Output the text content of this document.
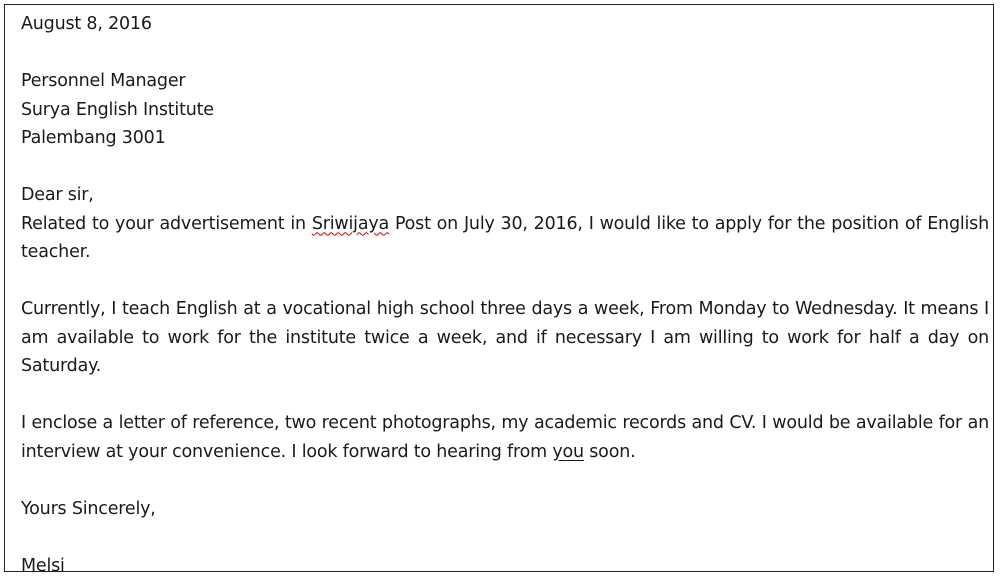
August 8, 2016

Personnel Manager

Surya English Institute

Palembang 3001

Dear sir,

Related to your advertisement in Sriwijaya Post on July 30, 2016, I would like to apply for the position of English teacher.

Currently, I teach English at a vocational high school three days a week, From Monday to Wednesday. It means I am available to work for the institute twice a week, and if necessary I am willing to work for half a day on Saturday.

I enclose a letter of reference, two recent photographs, my academic records and CV. I would be available for an interview at your convenience. I look forward to hearing from you soon.

Yours Sincerely,

Melsi
